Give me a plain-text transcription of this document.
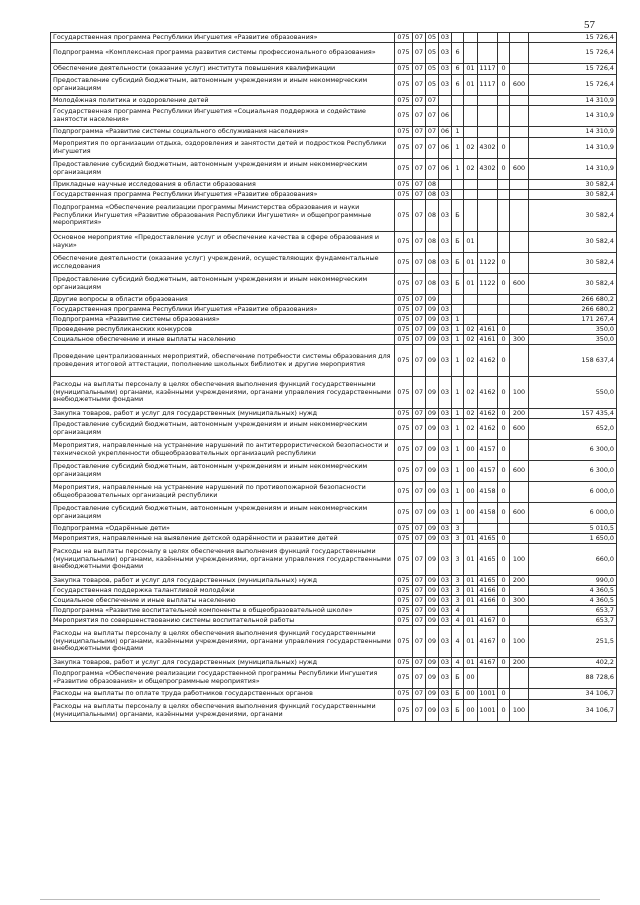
57
Государственная программа Республики Ингушетия «Развитие образования»	075	07	05	03						15 726,4
Подпрограмма «Комплексная программа развития системы профессионального образования»	075	07	05	03	6					15 726,4
Обеспечение деятельности (оказание услуг) института повышения квалификации	075	07	05	03	6	01	1117	0		15 726,4
Предоставление субсидий бюджетным, автономным учреждениям и иным некоммерческим организациям	075	07	05	03	6	01	1117	0	600	15 726,4
Молодёжная политика и оздоровление детей	075	07	07							14 310,9
Государственная программа Республики Ингушетия «Социальная поддержка и содействие занятости населения»	075	07	07	06						14 310,9
Подпрограмма «Развитие системы социального обслуживания населения»	075	07	07	06	1					14 310,9
Мероприятия по организации отдыха, оздоровления и занятости детей и подростков Республики Ингушетия	075	07	07	06	1	02	4302	0		14 310,9
Предоставление субсидий бюджетным, автономным учреждениям и иным некоммерческим организациям	075	07	07	06	1	02	4302	0	600	14 310,9
Прикладные научные исследования в области образования	075	07	08							30 582,4
Государственная программа Республики Ингушетия «Развитие образования»	075	07	08	03						30 582,4
Подпрограмма «Обеспечение реализации программы Министерства образования и науки Республики Ингушетия «Развитие образования Республики Ингушетия» и общепрограммные мероприятия»	075	07	08	03	Б					30 582,4
Основное мероприятие «Предоставление услуг и обеспечение качества в сфере образования и науки»	075	07	08	03	Б	01				30 582,4
Обеспечение деятельности (оказание услуг) учреждений, осуществляющих фундаментальные исследования	075	07	08	03	Б	01	1122	0		30 582,4
Предоставление субсидий бюджетным, автономным учреждениям и иным некоммерческим организациям	075	07	08	03	Б	01	1122	0	600	30 582,4
Другие вопросы в области образования	075	07	09							266 680,2
Государственная программа Республики Ингушетия «Развитие образования»	075	07	09	03						266 680,2
Подпрограмма «Развитие системы образования»	075	07	09	03	1					171 267,4
Проведение республиканских конкурсов	075	07	09	03	1	02	4161	0		350,0
Социальное обеспечение и иные выплаты населению	075	07	09	03	1	02	4161	0	300	350,0
Проведение централизованных мероприятий, обеспечение потребности системы образования для проведения итоговой аттестации, пополнение школьных библиотек и другие мероприятия	075	07	09	03	1	02	4162	0		158 637,4
Расходы на выплаты персоналу в целях обеспечения выполнения функций государственными (муниципальными) органами, казёнными учреждениями, органами управления государственными внебюджетными фондами	075	07	09	03	1	02	4162	0	100	550,0
Закупка товаров, работ и услуг для государственных (муниципальных) нужд	075	07	09	03	1	02	4162	0	200	157 435,4
Предоставление субсидий бюджетным, автономным учреждениям и иным некоммерческим организациям	075	07	09	03	1	02	4162	0	600	652,0
Мероприятия, направленные на устранение нарушений по антитеррористической безопасности и технической укрепленности общеобразовательных организаций республики	075	07	09	03	1	00	4157	0		6 300,0
Предоставление субсидий бюджетным, автономным учреждениям и иным некоммерческим организациям	075	07	09	03	1	00	4157	0	600	6 300,0
Мероприятия, направленные на устранение нарушений по противопожарной безопасности общеобразовательных организаций республики	075	07	09	03	1	00	4158	0		6 000,0
Предоставление субсидий бюджетным, автономным учреждениям и иным некоммерческим организациям	075	07	09	03	1	00	4158	0	600	6 000,0
Подпрограмма «Одарённые дети»	075	07	09	03	3					5 010,5
Мероприятия, направленные на выявление детской одарённости и развитие детей	075	07	09	03	3	01	4165	0		1 650,0
Расходы на выплаты персоналу в целях обеспечения выполнения функций государственными (муниципальными) органами, казёнными учреждениями, органами управления государственными внебюджетными фондами	075	07	09	03	3	01	4165	0	100	660,0
Закупка товаров, работ и услуг для государственных (муниципальных) нужд	075	07	09	03	3	01	4165	0	200	990,0
Государственная поддержка талантливой молодёжи	075	07	09	03	3	01	4166	0		4 360,5
Социальное обеспечение и иные выплаты населению	075	07	09	03	3	01	4166	0	300	4 360,5
Подпрограмма «Развитие воспитательной компоненты в общеобразовательной школе»	075	07	09	03	4					653,7
Мероприятия по совершенствованию системы воспитательной работы	075	07	09	03	4	01	4167	0		653,7
Расходы на выплаты персоналу в целях обеспечения выполнения функций государственными (муниципальными) органами, казёнными учреждениями, органами управления государственными внебюджетными фондами	075	07	09	03	4	01	4167	0	100	251,5
Закупка товаров, работ и услуг для государственных (муниципальных) нужд	075	07	09	03	4	01	4167	0	200	402,2
Подпрограмма «Обеспечение реализации государственной программы Республики Ингушетия «Развитие образования» и общепрограммные мероприятия»	075	07	09	03	Б	00				88 728,6
Расходы на выплаты по оплате труда работников государственных органов	075	07	09	03	Б	00	1001	0		34 106,7
Расходы на выплаты персоналу в целях обеспечения выполнения функций государственными (муниципальными) органами, казёнными учреждениями, органами	075	07	09	03	Б	00	1001	0	100	34 106,7
